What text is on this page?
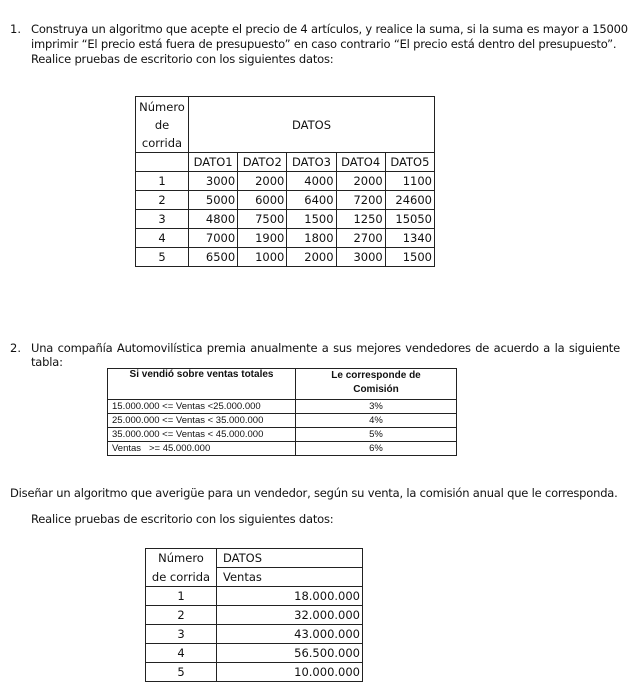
1. Construya un algoritmo que acepte el precio de 4 artículos, y realice la suma, si la suma es mayor a 15000
imprimir “El precio está fuera de presupuesto” en caso contrario “El precio está dentro del presupuesto”.
Realice pruebas de escritorio con los siguientes datos:
Número de corrida	DATOS				

	DATO1	DATO2	DATO3	DATO4	DATO5
1	3000	2000	4000	2000	1100
2	5000	6000	6400	7200	24600
3	4800	7500	1500	1250	15050
4	7000	1900	1800	2700	1340
5	6500	1000	2000	3000	1500
2. Una compañía Automovilística premia anualmente a sus mejores vendedores de acuerdo a la siguiente
tabla:
Si vendió sobre ventas totales	Le corresponde de
Comisión

15.000.000 <= Ventas <25.000.000	3%
25.000.000 <= Ventas < 35.000.000	4%
35.000.000 <= Ventas < 45.000.000	5%
Ventas   >= 45.000.000	6%
Diseñar un algoritmo que averigüe para un vendedor, según su venta, la comisión anual que le corresponda.
Realice pruebas de escritorio con los siguientes datos:
Número	DATOS
de corrida	Ventas
1	18.000.000
2	32.000.000
3	43.000.000
4	56.500.000
5	10.000.000
